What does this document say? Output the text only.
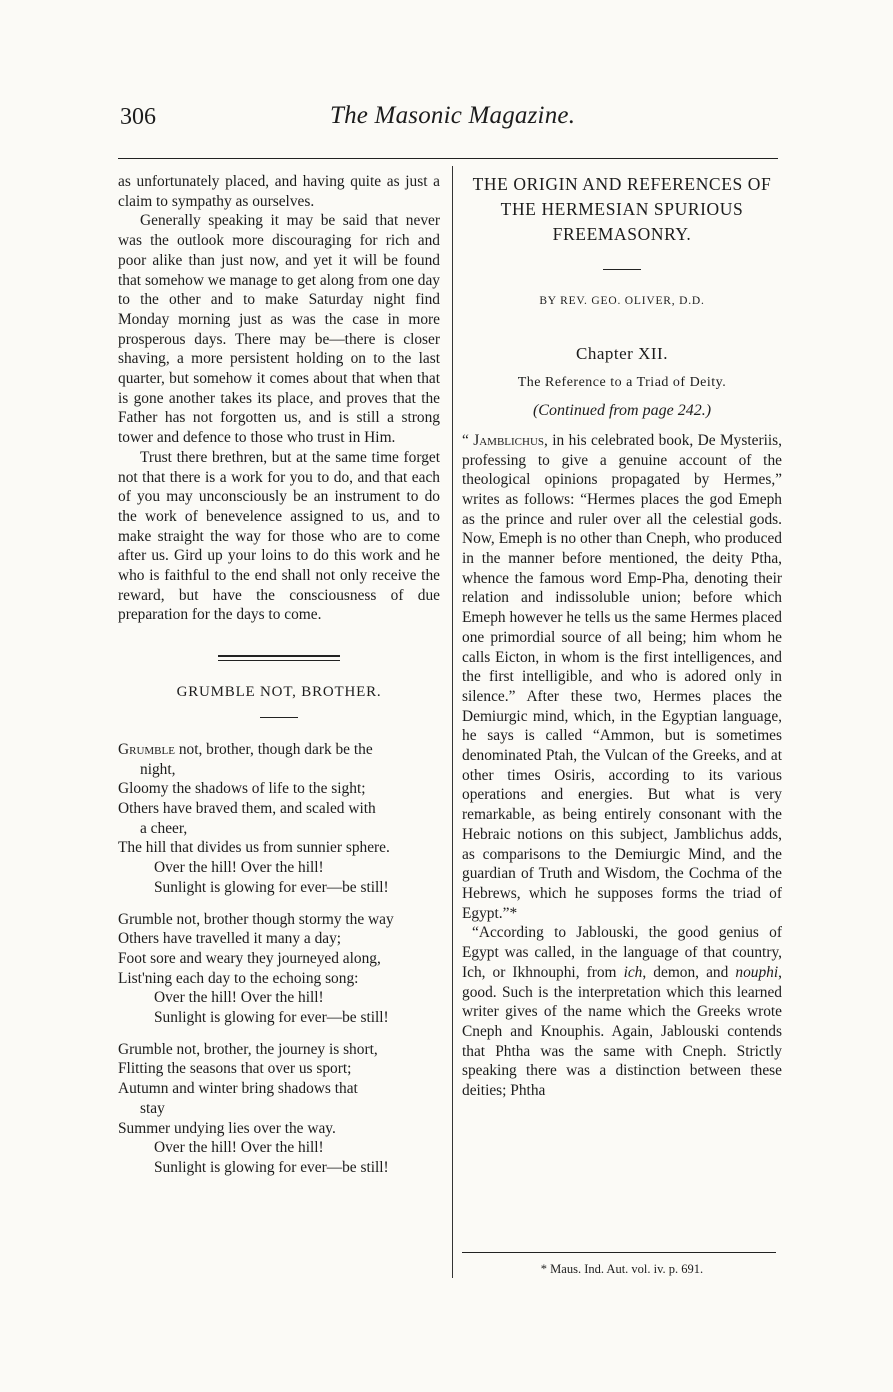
306	The Masonic Magazine.

as unfortunately placed, and having quite as just a claim to sympathy as ourselves.

Generally speaking it may be said that never was the outlook more discouraging for rich and poor alike than just now, and yet it will be found that somehow we manage to get along from one day to the other and to make Saturday night find Monday morning just as was the case in more prosperous days. There may be—there is closer shaving, a more persistent holding on to the last quarter, but somehow it comes about that when that is gone another takes its place, and proves that the Father has not forgotten us, and is still a strong tower and defence to those who trust in Him.

Trust there brethren, but at the same time forget not that there is a work for you to do, and that each of you may unconsciously be an instrument to do the work of benevelence assigned to us, and to make straight the way for those who are to come after us. Gird up your loins to do this work and he who is faithful to the end shall not only receive the reward, but have the consciousness of due preparation for the days to come.

GRUMBLE NOT, BROTHER.

Grumble not, brother, though dark be the

night,

Gloomy the shadows of life to the sight;

Others have braved them, and scaled with

a cheer,

The hill that divides us from sunnier sphere.

Over the hill! Over the hill!

Sunlight is glowing for ever—be still!

Grumble not, brother though stormy the way

Others have travelled it many a day;

Foot sore and weary they journeyed along,

List'ning each day to the echoing song:

Over the hill! Over the hill!

Sunlight is glowing for ever—be still!

Grumble not, brother, the journey is short,

Flitting the seasons that over us sport;

Autumn and winter bring shadows that

stay

Summer undying lies over the way.

Over the hill! Over the hill!

Sunlight is glowing for ever—be still!

THE ORIGIN AND REFERENCES OF THE HERMESIAN SPURIOUS FREEMASONRY.

BY REV. GEO. OLIVER, D.D.

Chapter XII.

The Reference to a Triad of Deity.

(Continued from page 242.)

“ Jamblichus, in his celebrated book, De Mysteriis, professing to give a genuine account of the theological opinions propagated by Hermes,” writes as follows: “Hermes places the god Emeph as the prince and ruler over all the celestial gods. Now, Emeph is no other than Cneph, who produced in the manner before mentioned, the deity Ptha, whence the famous word Emp-Pha, denoting their relation and indissoluble union; before which Emeph however he tells us the same Hermes placed one primordial source of all being; him whom he calls Eicton, in whom is the first intelligences, and the first intelligible, and who is adored only in silence.” After these two, Hermes places the Demiurgic mind, which, in the Egyptian language, he says is called “Ammon, but is sometimes denominated Ptah, the Vulcan of the Greeks, and at other times Osiris, according to its various operations and energies. But what is very remarkable, as being entirely consonant with the Hebraic notions on this subject, Jamblichus adds, as comparisons to the Demiurgic Mind, and the guardian of Truth and Wisdom, the Cochma of the Hebrews, which he supposes forms the triad of Egypt.”*

“According to Jablouski, the good genius of Egypt was called, in the language of that country, Ich, or Ikhnouphi, from ich, demon, and nouphi, good. Such is the interpretation which this learned writer gives of the name which the Greeks wrote Cneph and Knouphis. Again, Jablouski contends that Phtha was the same with Cneph. Strictly speaking there was a distinction between these deities; Phtha

* Maus. Ind. Aut. vol. iv. p. 691.
